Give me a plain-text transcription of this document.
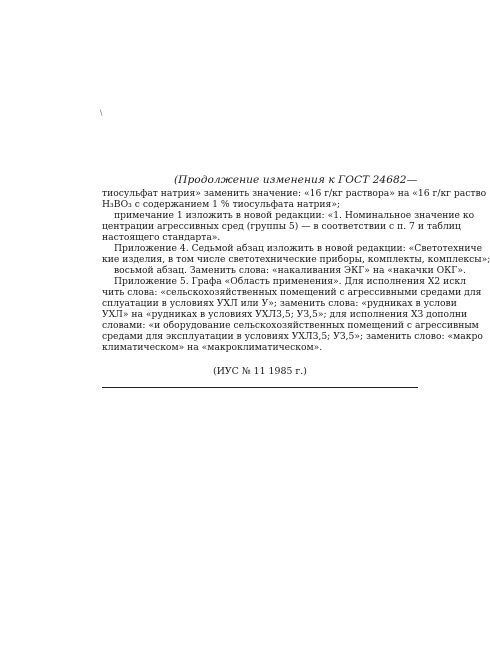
\
(Продолжение изменения к ГОСТ 24682—
тиосульфат натрия» заменить значение: «16 г/кг раствора» на «16 г/кг раство
H₃BO₃ с содержанием 1 % тиосульфата натрия»;
примечание 1 изложить в новой редакции: «1. Номинальное значение ко
центрации агрессивных сред (группы 5) — в соответствии с п. 7 и таблиц
настоящего стандарта».
Приложение 4. Седьмой абзац изложить в новой редакции: «Светотехниче
кие изделия, в том числе светотехнические приборы, комплекты, комплексы»;
восьмой абзац. Заменить слова: «накаливания ЭКГ» на «накачки ОКГ».
Приложение 5. Графа «Область применения». Для исполнения X2 искл
чить слова: «сельскохозяйственных помещений с агрессивными средами для
сплуатации в условиях УХЛ или У»; заменить слова: «рудниках в услови
УХЛ» на «рудниках в условиях УХЛ3,5; УЗ,5»; для исполнения ХЗ дополни
словами: «и оборудование сельскохозяйственных помещений с агрессивным
средами для эксплуатации в условиях УХЛ3,5; УЗ,5»; заменить слово: «макро
климатическом» на «макроклиматическом».
(ИУС № 11 1985 г.)
